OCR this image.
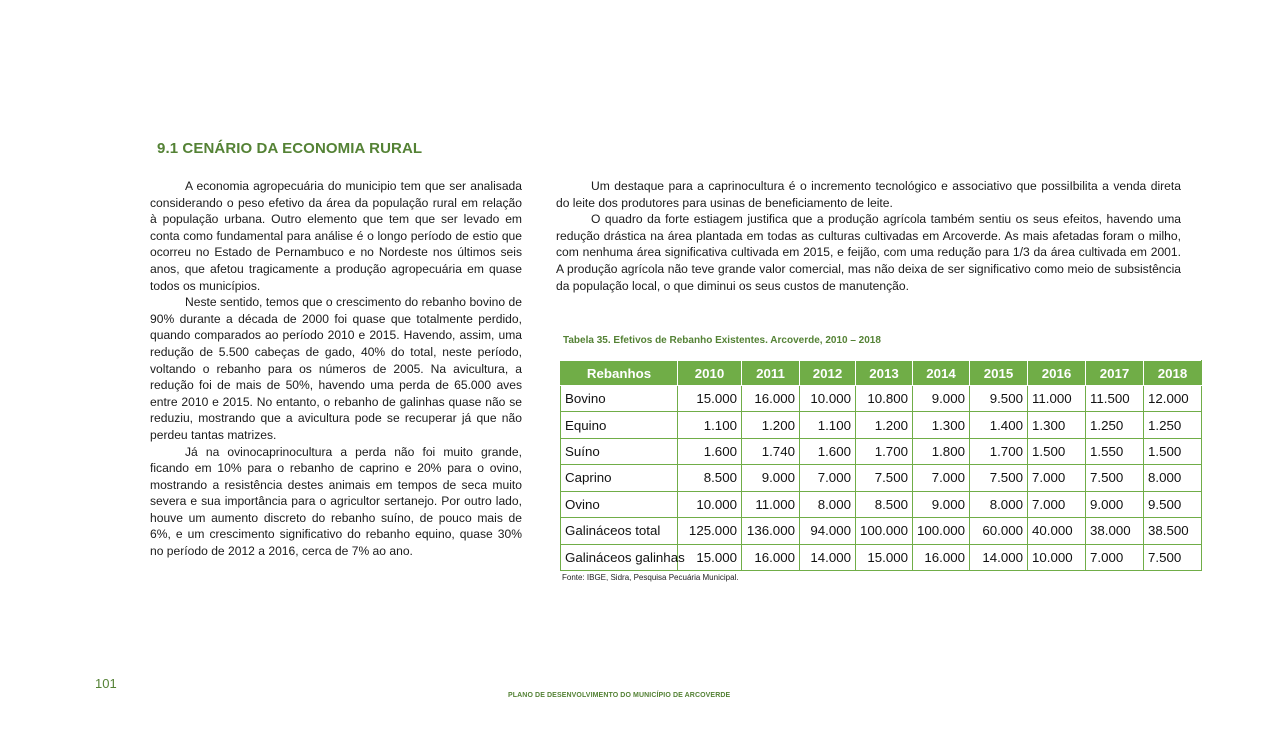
9.1 CENÁRIO DA ECONOMIA RURAL

A economia agropecuária do municipio tem que ser analisada considerando o peso efetivo da área da população rural em relação à população urbana. Outro elemento que tem que ser levado em conta como fundamental para análise é o longo período de estio que ocorreu no Estado de Pernambuco e no Nordeste nos últimos seis anos, que afetou tragicamente a produção agropecuária em quase todos os municípios.

Neste sentido, temos que o crescimento do rebanho bovino de 90% durante a década de 2000 foi quase que totalmente perdido, quando comparados ao período 2010 e 2015. Havendo, assim, uma redução de 5.500 cabeças de gado, 40% do total, neste período, voltando o rebanho para os números de 2005. Na avicultura, a redução foi de mais de 50%, havendo uma perda de 65.000 aves entre 2010 e 2015. No entanto, o rebanho de galinhas quase não se reduziu, mostrando que a avicultura pode se recuperar já que não perdeu tantas matrizes.

Já na ovinocaprinocultura a perda não foi muito grande, ficando em 10% para o rebanho de caprino e 20% para o ovino, mostrando a resistência destes animais em tempos de seca muito severa e sua importância para o agricultor sertanejo. Por outro lado, houve um aumento discreto do rebanho suíno, de pouco mais de 6%, e um crescimento significativo do rebanho equino, quase 30% no período de 2012 a 2016, cerca de 7% ao ano.

Um destaque para a caprinocultura é o incremento tecnológico e associativo que possiIbilita a venda direta do leite dos produtores para usinas de beneficiamento de leite.

O quadro da forte estiagem justifica que a produção agrícola também sentiu os seus efeitos, havendo uma redução drástica na área plantada em todas as culturas cultivadas em Arcoverde. As mais afetadas foram o milho, com nenhuma área significativa cultivada em 2015, e feijão, com uma redução para 1/3 da área cultivada em 2001. A produção agrícola não teve grande valor comercial, mas não deixa de ser significativo como meio de subsistência da população local, o que diminui os seus custos de manutenção.

Tabela 35. Efetivos de Rebanho Existentes. Arcoverde, 2010 – 2018

Rebanhos	2010	2011	2012	2013	2014	2015	2016	2017	2018
Bovino	15.000	16.000	10.000	10.800	9.000	9.500	11.000	11.500	12.000
Equino	1.100	1.200	1.100	1.200	1.300	1.400	1.300	1.250	1.250
Suíno	1.600	1.740	1.600	1.700	1.800	1.700	1.500	1.550	1.500
Caprino	8.500	9.000	7.000	7.500	7.000	7.500	7.000	7.500	8.000
Ovino	10.000	11.000	8.000	8.500	9.000	8.000	7.000	9.000	9.500
Galináceos total	125.000	136.000	94.000	100.000	100.000	60.000	40.000	38.000	38.500
Galináceos galinhas	15.000	16.000	14.000	15.000	16.000	14.000	10.000	7.000	7.500

Fonte: IBGE, Sidra, Pesquisa Pecuária Municipal.

101
PLANO DE DESENVOLVIMENTO DO MUNICÍPIO DE ARCOVERDE
